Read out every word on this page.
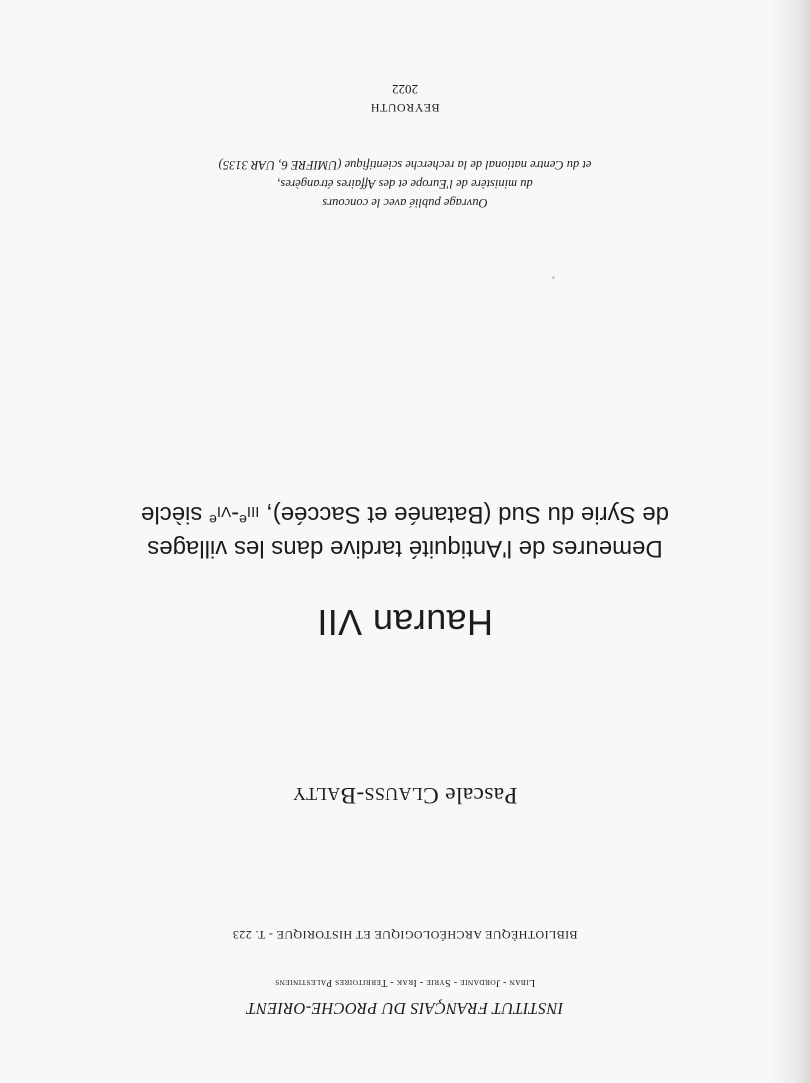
INSTITUT FRANÇAIS DU PROCHE-ORIENT
LIBAN - JORDANIE - SYRIE - IRAK - TERRITOIRES PALESTINIENS
BIBLIOTHÈQUE ARCHÉOLOGIQUE ET HISTORIQUE - T. 223
Pascale CLAUSS-BALTY
Hauran VII
Demeures de l'Antiquité tardive dans les villages
de Syrie du Sud (Batanée et Saccée), IIIe-VIe siècle
Ouvrage publié avec le concours
du ministère de l'Europe et des Affaires étrangères,
et du Centre national de la recherche scientifique (UMIFRE 6, UAR 3135)
BEYROUTH
2022
